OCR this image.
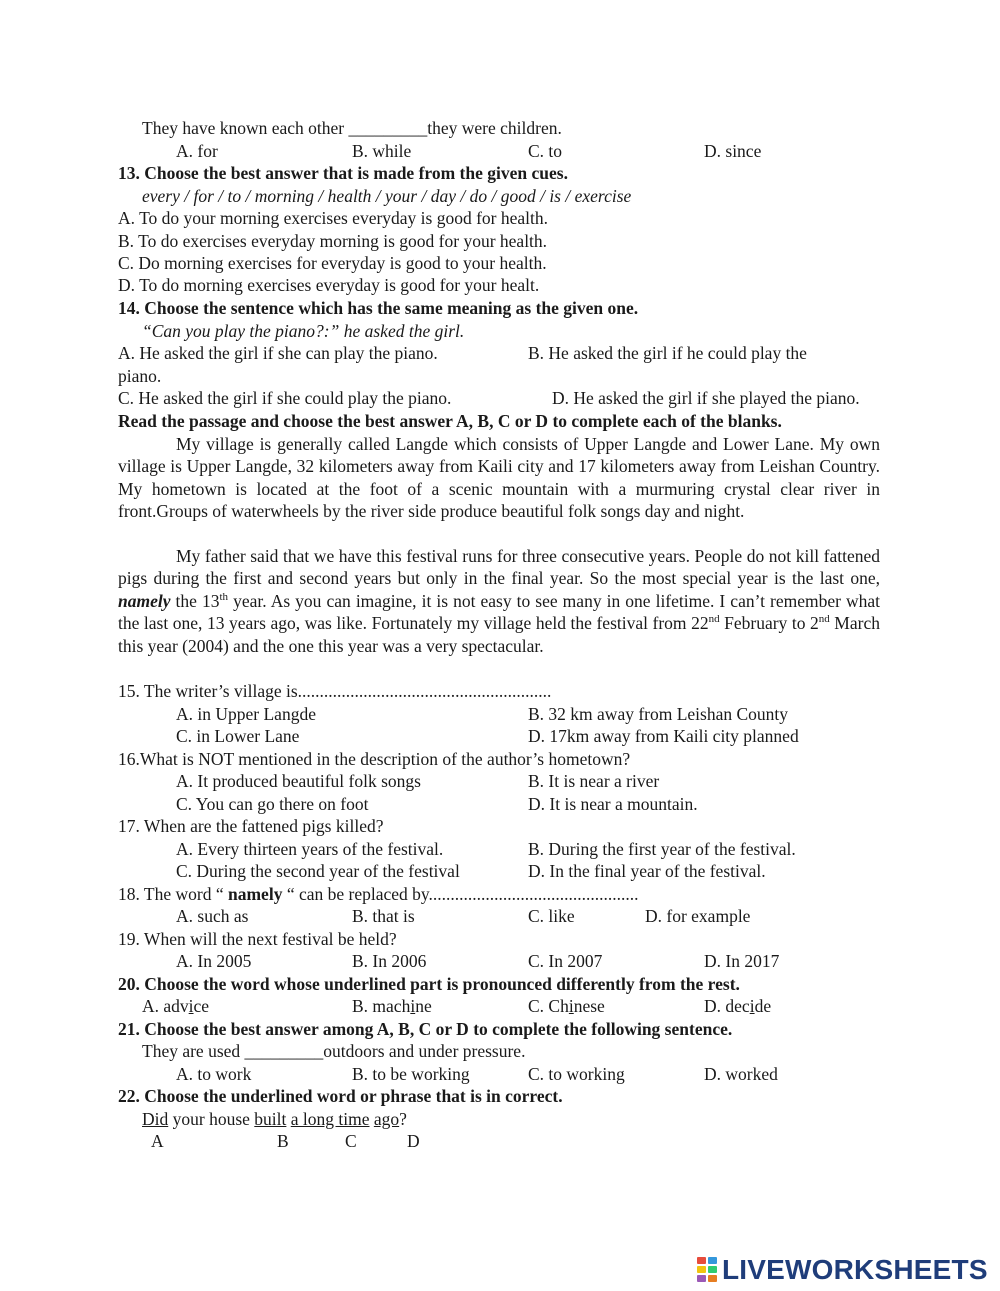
They have known each other _________they were children.
A. for	B. while	C. to	D. since
13. Choose the best answer that is made from the given cues.
every / for / to / morning / health / your / day / do / good / is / exercise
A. To do your morning exercises everyday is good for health.
B. To do exercises everyday morning is good for your health.
C. Do morning exercises for everyday is good to your health.
D. To do morning exercises everyday is good for your healt.
14. Choose the sentence which has the same meaning as the given one.
“Can you play the piano?:” he asked the girl.
A. He asked the girl if she can play the piano.	B. He asked the girl if he could play the
piano.
C. He asked the girl if she could play the piano.	D. He asked the girl if she played the piano.
Read the passage and choose the best answer A, B, C or D to complete each of the blanks.
My village is generally called Langde which consists of Upper Langde and Lower Lane. My own village is Upper Langde, 32 kilometers away from Kaili city and 17 kilometers away from Leishan Country. My hometown is located at the foot of a scenic mountain with a murmuring crystal clear river in front.Groups of waterwheels by the river side produce beautiful folk songs day and night.
My father said that we have this festival runs for three consecutive years. People do not kill fattened pigs during the first and second years but only in the final year. So the most special year is the last one, namely the 13th year. As you can imagine, it is not easy to see many in one lifetime. I can’t remember what the last one, 13 years ago, was like. Fortunately my village held the festival from 22nd February to 2nd March this year (2004) and the one this year was a very spectacular.
15. The writer’s village is..........................................................
A. in Upper Langde	B. 32 km away from Leishan County
C. in Lower Lane	D. 17km away from Kaili city planned
16.What is NOT mentioned in the description of the author’s hometown?
A. It produced beautiful folk songs	B. It is near a river
C. You can go there on foot	D. It is near a mountain.
17. When are the fattened pigs killed?
A. Every thirteen years of the festival.	B. During the first year of the festival.
C. During the second year of the festival	D. In the final year of the festival.
18. The word “ namely “ can be replaced by................................................
A. such as	B. that is	C. like	D. for example
19. When will the next festival be held?
A. In 2005	B. In 2006	C. In 2007	D. In 2017
20. Choose the word whose underlined part is pronounced differently from the rest.
A. advice	B. machine	C. Chinese	D. decide
21. Choose the best answer among A, B, C or D to complete the following sentence.
They are used _________outdoors and under pressure.
A. to work	B. to be working	C. to working	D. worked
22. Choose the underlined word or phrase that is in correct.
Did your house built a long time ago?
A	B	C	D
LIVEWORKSHEETS
